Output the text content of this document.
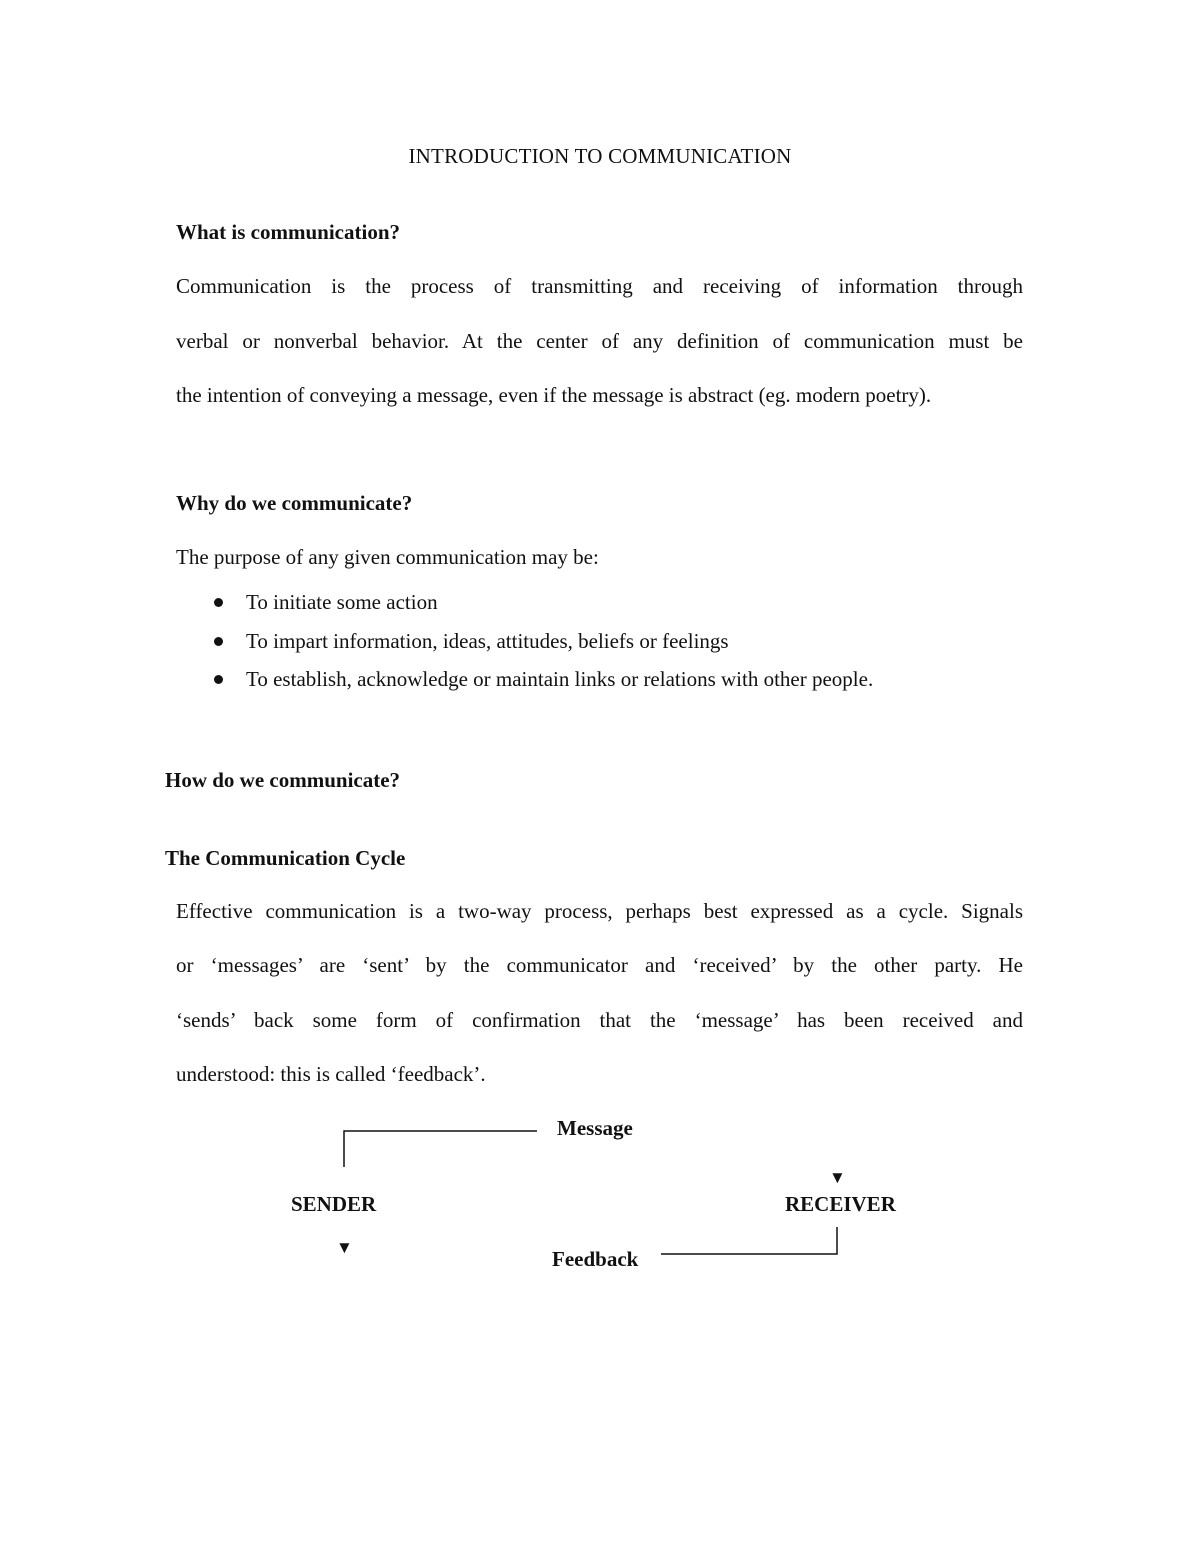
INTRODUCTION TO COMMUNICATION
What is communication?
Communication is the process of transmitting and receiving of information through
verbal or nonverbal behavior. At the center of any definition of communication must be
the intention of conveying a message, even if the message is abstract (eg. modern poetry).
Why do we communicate?
The purpose of any given communication may be:
To initiate some action
To impart information, ideas, attitudes, beliefs or feelings
To establish, acknowledge or maintain links or relations with other people.
How do we communicate?
The Communication Cycle
Effective communication is a two-way process, perhaps best expressed as a cycle. Signals
or ‘messages’ are ‘sent’ by the communicator and ‘received’ by the other party. He
‘sends’ back some form of confirmation that the ‘message’ has been received and
understood: this is called ‘feedback’.
Message
▼
SENDER	RECEIVER
▼	Feedback
